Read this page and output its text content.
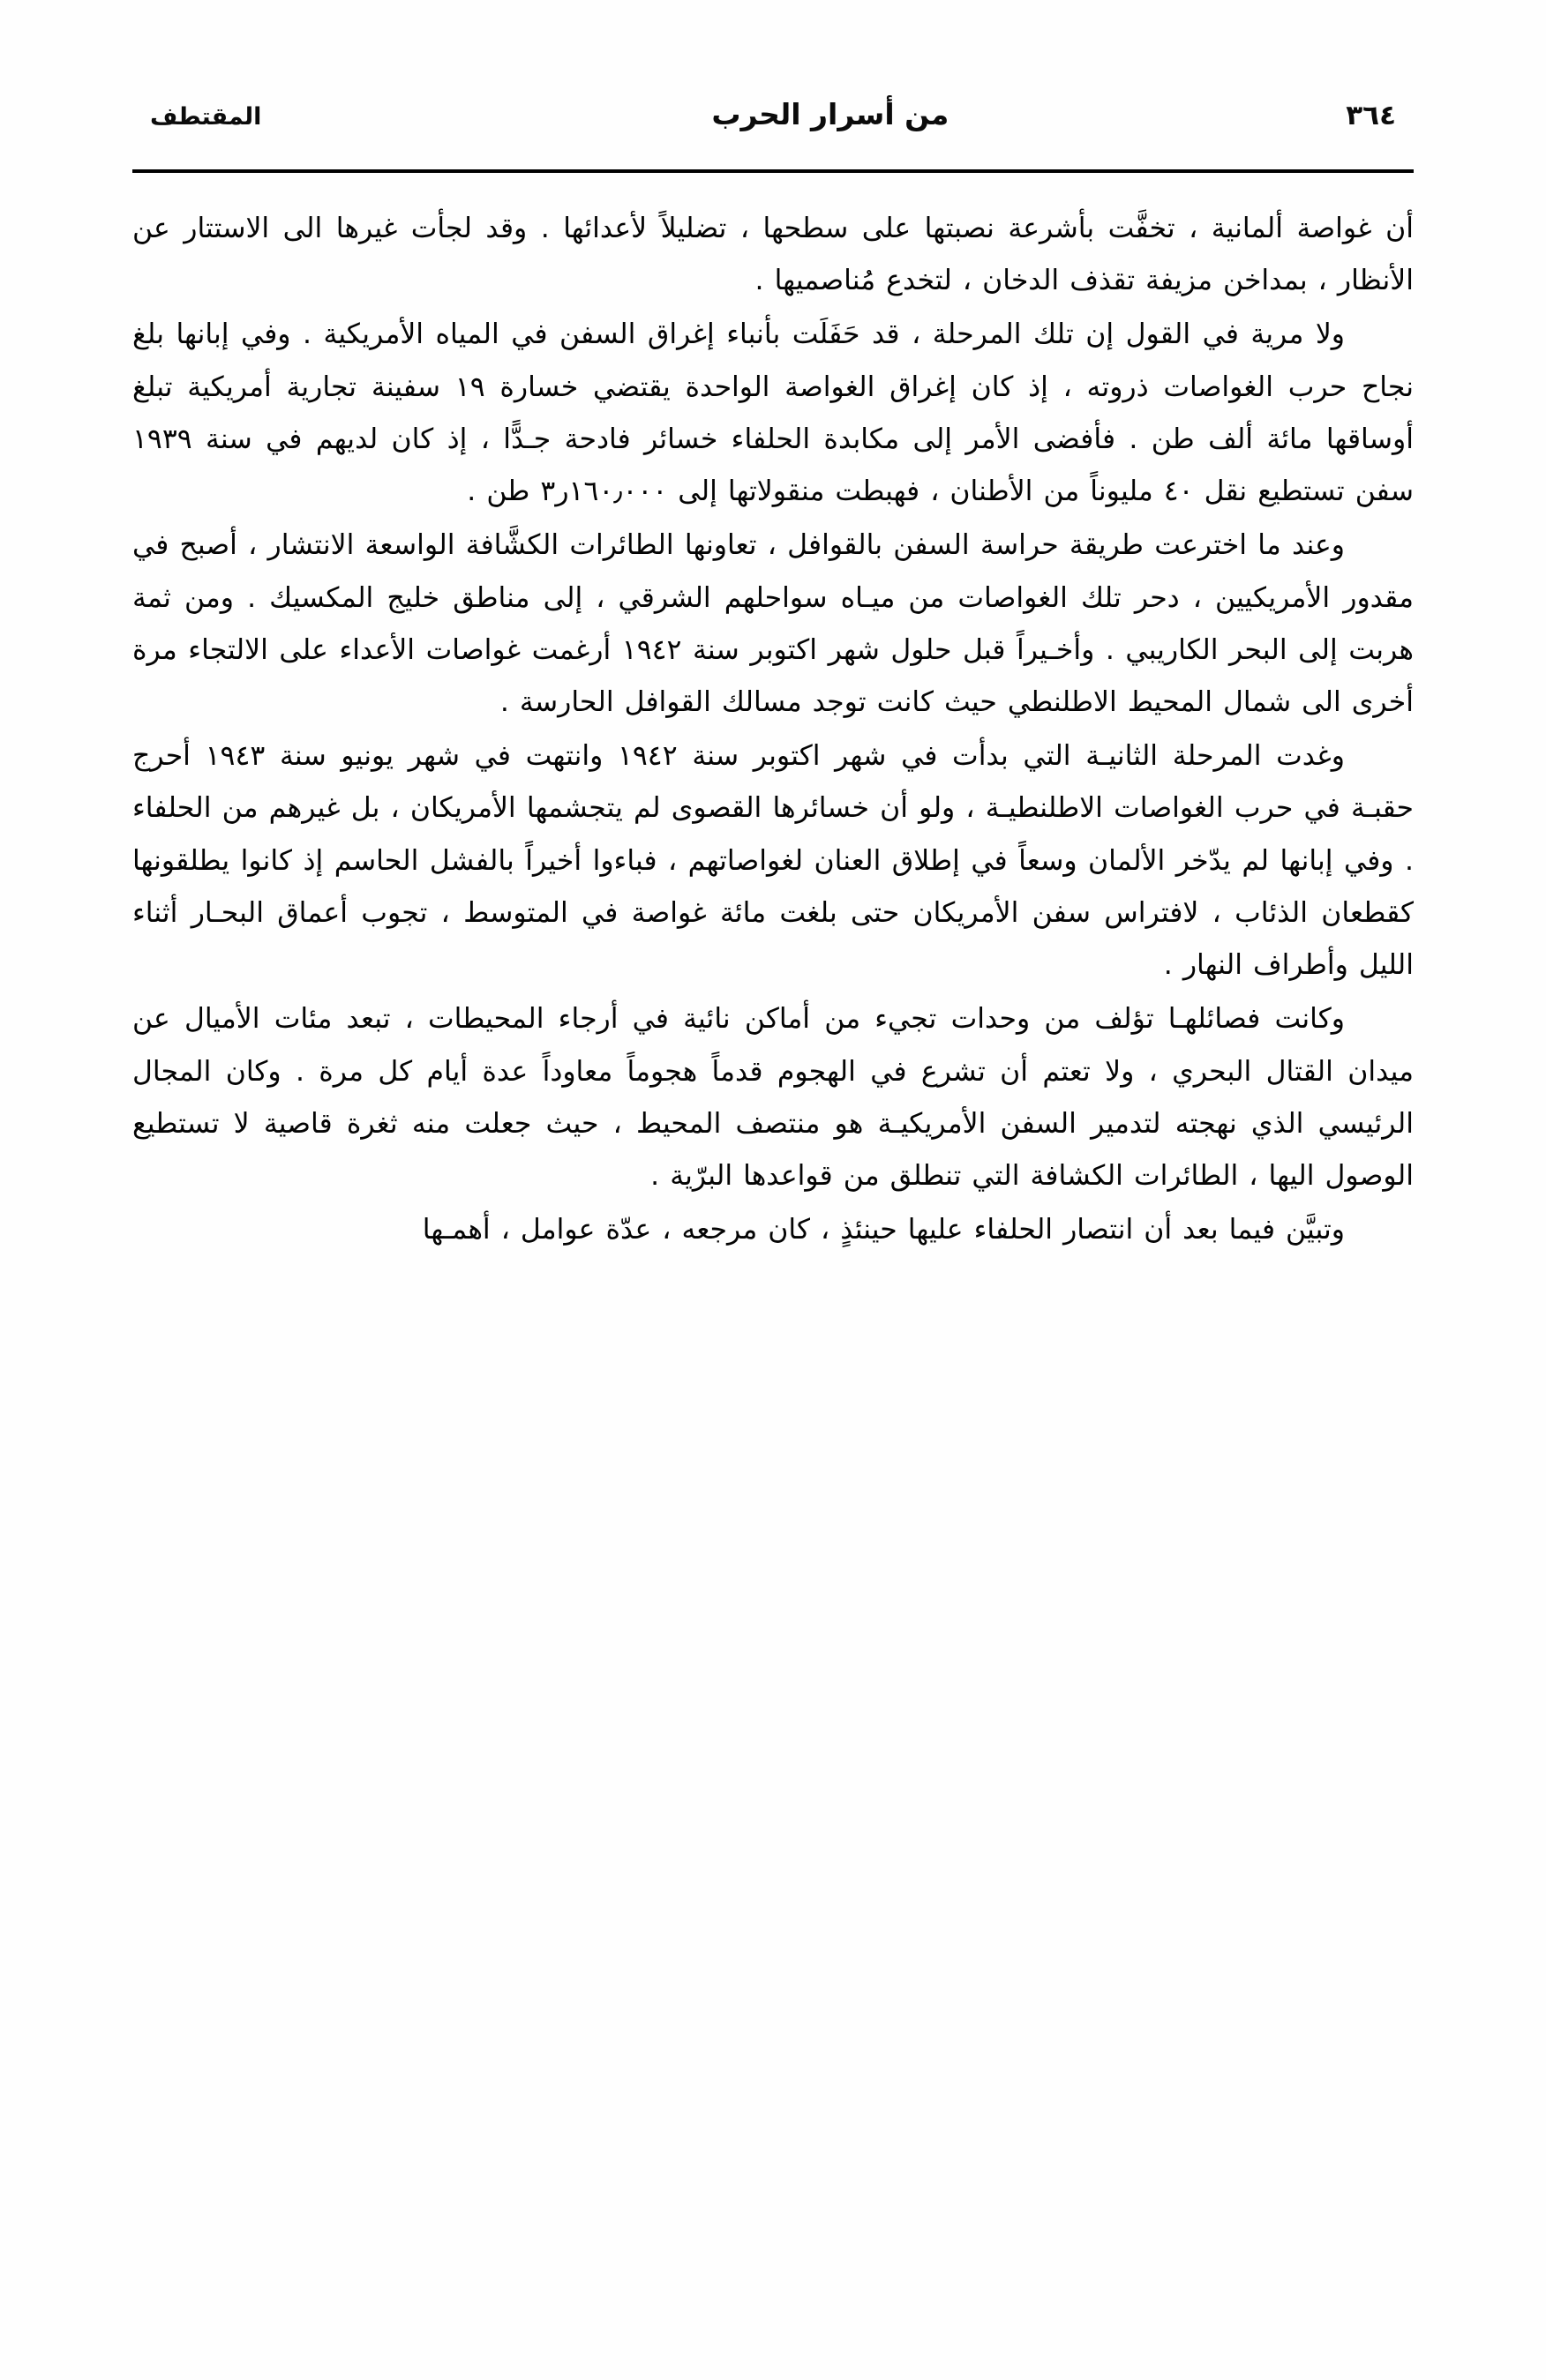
٣٦٤
من أسرار الحرب
المقتطف

أن غواصة ألمانية ، تخفَّت بأشرعة نصبتها على سطحها ، تضليلاً لأعدائها . وقد لجأت غيرها الى الاستتار عن الأنظار ، بمداخن مزيفة تقذف الدخان ، لتخدع مُناصميها .

ولا مرية في القول إن تلك المرحلة ، قد حَفَلَت بأنباء إغراق السفن في المياه الأمريكية . وفي إبانها بلغ نجاح حرب الغواصات ذروته ، إذ كان إغراق الغواصة الواحدة يقتضي خسارة ١٩ سفينة تجارية أمريكية تبلغ أوساقها مائة ألف طن . فأفضى الأمر إلى مكابدة الحلفاء خسائر فادحة جـدًّا ، إذ كان لديهم في سنة ١٩٣٩ سفن تستطيع نقل ٤٠ مليوناً من الأطنان ، فهبطت منقولاتها إلى ١٦٠٫٠٠٠ر٣ طن .

وعند ما اخترعت طريقة حراسة السفن بالقوافل ، تعاونها الطائرات الكشَّافة الواسعة الانتشار ، أصبح في مقدور الأمريكيين ، دحر تلك الغواصات من ميـاه سواحلهم الشرقي ، إلى مناطق خليج المكسيك . ومن ثمة هربت إلى البحر الكاريبي . وأخـيراً قبل حلول شهر اكتوبر سنة ١٩٤٢ أرغمت غواصات الأعداء على الالتجاء مرة أخرى الى شمال المحيط الاطلنطي حيث كانت توجد مسالك القوافل الحارسة .

وغدت المرحلة الثانيـة التي بدأت في شهر اكتوبر سنة ١٩٤٢ وانتهت في شهر يونيو سنة ١٩٤٣ أحرج حقبـة في حرب الغواصات الاطلنطيـة ، ولو أن خسائرها القصوى لم يتجشمها الأمريكان ، بل غيرهم من الحلفاء . وفي إبانها لم يدّخر الألمان وسعاً في إطلاق العنان لغواصاتهم ، فباءوا أخيراً بالفشل الحاسم إذ كانوا يطلقونها كقطعان الذئاب ، لافتراس سفن الأمريكان حتى بلغت مائة غواصة في المتوسط ، تجوب أعماق البحـار أثناء الليل وأطراف النهار .

وكانت فصائلهـا تؤلف من وحدات تجيء من أماكن نائية في أرجاء المحيطات ، تبعد مئات الأميال عن ميدان القتال البحري ، ولا تعتم أن تشرع في الهجوم قدماً هجوماً معاوداً عدة أيام كل مرة . وكان المجال الرئيسي الذي نهجته لتدمير السفن الأمريكيـة هو منتصف المحيط ، حيث جعلت منه ثغرة قاصية لا تستطيع الوصول اليها ، الطائرات الكشافة التي تنطلق من قواعدها البرّية .

وتبيَّن فيما بعد أن انتصار الحلفاء عليها حينئذٍ ، كان مرجعه ، عدّة عوامل ، أهمـها
